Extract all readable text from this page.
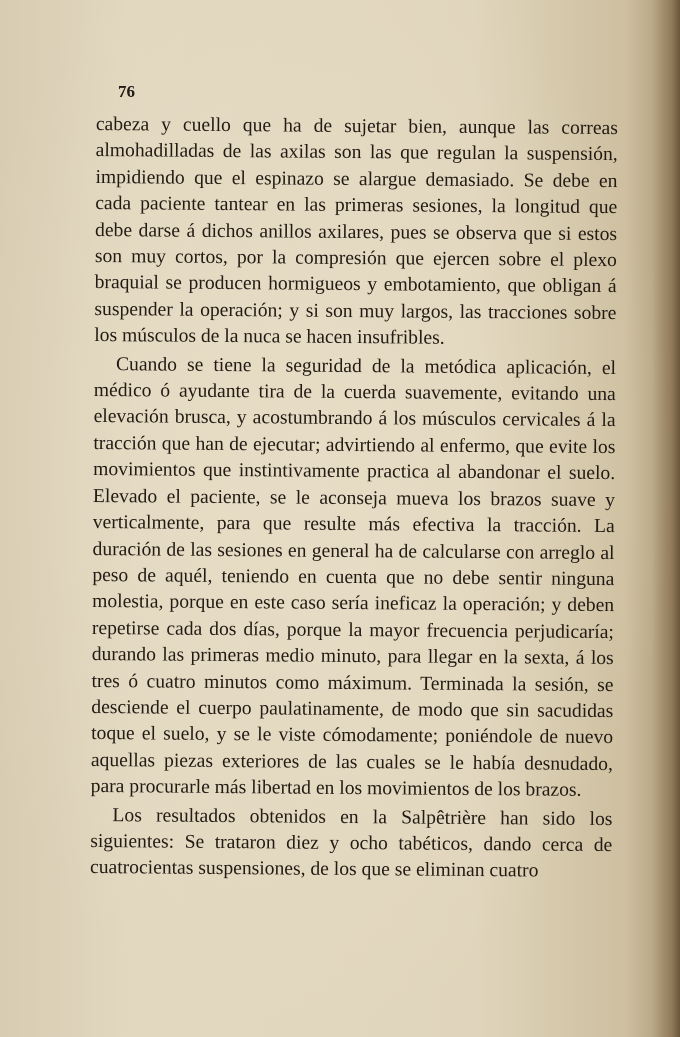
76

cabeza y cuello que ha de sujetar bien, aunque las correas almohadilladas de las axilas son las que regulan la suspensión, impidiendo que el espinazo se alargue demasiado. Se debe en cada paciente tantear en las primeras sesiones, la longitud que debe darse á dichos anillos axilares, pues se observa que si estos son muy cortos, por la compresión que ejercen sobre el plexo braquial se producen hormigueos y embotamiento, que obligan á suspender la operación; y si son muy largos, las tracciones sobre los músculos de la nuca se hacen insufribles.

Cuando se tiene la seguridad de la metódica aplicación, el médico ó ayudante tira de la cuerda suavemente, evitando una elevación brusca, y acostumbrando á los músculos cervicales á la tracción que han de ejecutar; advirtiendo al enfermo, que evite los movimientos que instintivamente practica al abandonar el suelo. Elevado el paciente, se le aconseja mueva los brazos suave y verticalmente, para que resulte más efectiva la tracción. La duración de las sesiones en general ha de calcularse con arreglo al peso de aquél, teniendo en cuenta que no debe sentir ninguna molestia, porque en este caso sería ineficaz la operación; y deben repetirse cada dos días, porque la mayor frecuencia perjudicaría; durando las primeras medio minuto, para llegar en la sexta, á los tres ó cuatro minutos como máximum. Terminada la sesión, se desciende el cuerpo paulatinamente, de modo que sin sacudidas toque el suelo, y se le viste cómodamente; poniéndole de nuevo aquellas piezas exteriores de las cuales se le había desnudado, para procurarle más libertad en los movimientos de los brazos.

Los resultados obtenidos en la Salpêtrière han sido los siguientes: Se trataron diez y ocho tabéticos, dando cerca de cuatrocientas suspensiones, de los que se eliminan cuatro
